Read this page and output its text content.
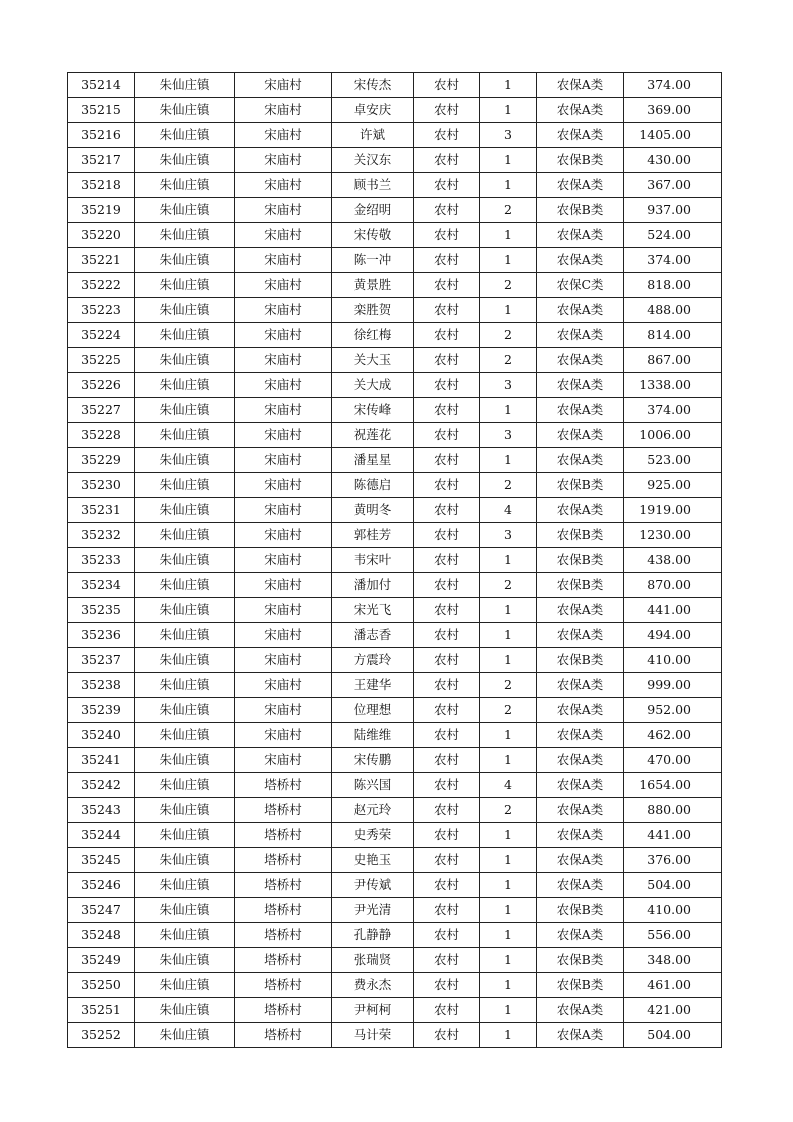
35214	朱仙庄镇	宋庙村	宋传杰	农村	1	农保A类	374.00
35215	朱仙庄镇	宋庙村	卓安庆	农村	1	农保A类	369.00
35216	朱仙庄镇	宋庙村	许斌	农村	3	农保A类	1405.00
35217	朱仙庄镇	宋庙村	关汉东	农村	1	农保B类	430.00
35218	朱仙庄镇	宋庙村	顾书兰	农村	1	农保A类	367.00
35219	朱仙庄镇	宋庙村	金绍明	农村	2	农保B类	937.00
35220	朱仙庄镇	宋庙村	宋传敬	农村	1	农保A类	524.00
35221	朱仙庄镇	宋庙村	陈一冲	农村	1	农保A类	374.00
35222	朱仙庄镇	宋庙村	黄景胜	农村	2	农保C类	818.00
35223	朱仙庄镇	宋庙村	栾胜贺	农村	1	农保A类	488.00
35224	朱仙庄镇	宋庙村	徐红梅	农村	2	农保A类	814.00
35225	朱仙庄镇	宋庙村	关大玉	农村	2	农保A类	867.00
35226	朱仙庄镇	宋庙村	关大成	农村	3	农保A类	1338.00
35227	朱仙庄镇	宋庙村	宋传峰	农村	1	农保A类	374.00
35228	朱仙庄镇	宋庙村	祝莲花	农村	3	农保A类	1006.00
35229	朱仙庄镇	宋庙村	潘星星	农村	1	农保A类	523.00
35230	朱仙庄镇	宋庙村	陈德启	农村	2	农保B类	925.00
35231	朱仙庄镇	宋庙村	黄明冬	农村	4	农保A类	1919.00
35232	朱仙庄镇	宋庙村	郭桂芳	农村	3	农保B类	1230.00
35233	朱仙庄镇	宋庙村	韦宋叶	农村	1	农保B类	438.00
35234	朱仙庄镇	宋庙村	潘加付	农村	2	农保B类	870.00
35235	朱仙庄镇	宋庙村	宋光飞	农村	1	农保A类	441.00
35236	朱仙庄镇	宋庙村	潘志香	农村	1	农保A类	494.00
35237	朱仙庄镇	宋庙村	方震玲	农村	1	农保B类	410.00
35238	朱仙庄镇	宋庙村	王建华	农村	2	农保A类	999.00
35239	朱仙庄镇	宋庙村	位理想	农村	2	农保A类	952.00
35240	朱仙庄镇	宋庙村	陆维维	农村	1	农保A类	462.00
35241	朱仙庄镇	宋庙村	宋传鹏	农村	1	农保A类	470.00
35242	朱仙庄镇	塔桥村	陈兴国	农村	4	农保A类	1654.00
35243	朱仙庄镇	塔桥村	赵元玲	农村	2	农保A类	880.00
35244	朱仙庄镇	塔桥村	史秀荣	农村	1	农保A类	441.00
35245	朱仙庄镇	塔桥村	史艳玉	农村	1	农保A类	376.00
35246	朱仙庄镇	塔桥村	尹传斌	农村	1	农保A类	504.00
35247	朱仙庄镇	塔桥村	尹光清	农村	1	农保B类	410.00
35248	朱仙庄镇	塔桥村	孔静静	农村	1	农保A类	556.00
35249	朱仙庄镇	塔桥村	张瑞贤	农村	1	农保B类	348.00
35250	朱仙庄镇	塔桥村	费永杰	农村	1	农保B类	461.00
35251	朱仙庄镇	塔桥村	尹柯柯	农村	1	农保A类	421.00
35252	朱仙庄镇	塔桥村	马计荣	农村	1	农保A类	504.00
